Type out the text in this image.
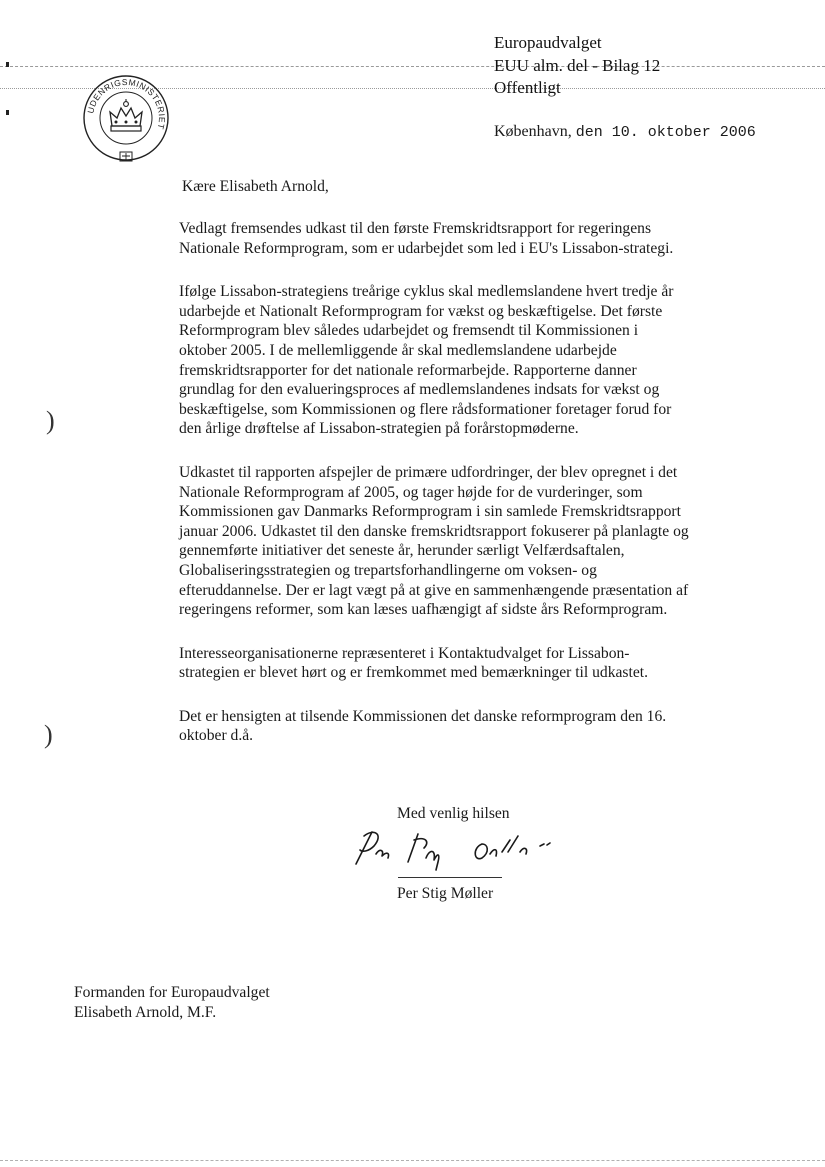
UDENRIGSMINISTERIET
Europaudvalget
EUU alm. del - Bilag 12
Offentligt
København, den 10. oktober 2006
Kære Elisabeth Arnold,
Vedlagt fremsendes udkast til den første Fremskridtsrapport for regeringens
Nationale Reformprogram, som er udarbejdet som led i EU's Lissabon-strategi.
Ifølge Lissabon-strategiens treårige cyklus skal medlemslandene hvert tredje år
udarbejde et Nationalt Reformprogram for vækst og beskæftigelse. Det første
Reformprogram blev således udarbejdet og fremsendt til Kommissionen i
oktober 2005. I de mellemliggende år skal medlemslandene udarbejde
fremskridtsrapporter for det nationale reformarbejde. Rapporterne danner
grundlag for den evalueringsproces af medlemslandenes indsats for vækst og
beskæftigelse, som Kommissionen og flere rådsformationer foretager forud for
den årlige drøftelse af Lissabon-strategien på forårstopmøderne.
Udkastet til rapporten afspejler de primære udfordringer, der blev opregnet i det
Nationale Reformprogram af 2005, og tager højde for de vurderinger, som
Kommissionen gav Danmarks Reformprogram i sin samlede Fremskridtsrapport
januar 2006. Udkastet til den danske fremskridtsrapport fokuserer på planlagte og
gennemførte initiativer det seneste år, herunder særligt Velfærdsaftalen,
Globaliseringsstrategien og trepartsforhandlingerne om voksen- og
efteruddannelse. Der er lagt vægt på at give en sammenhængende præsentation af
regeringens reformer, som kan læses uafhængigt af sidste års Reformprogram.
Interesseorganisationerne repræsenteret i Kontaktudvalget for Lissabon-
strategien er blevet hørt og er fremkommet med bemærkninger til udkastet.
Det er hensigten at tilsende Kommissionen det danske reformprogram den 16.
oktober d.å.
)
)
Med venlig hilsen
Per Stig Møller
Formanden for Europaudvalget
Elisabeth Arnold, M.F.
